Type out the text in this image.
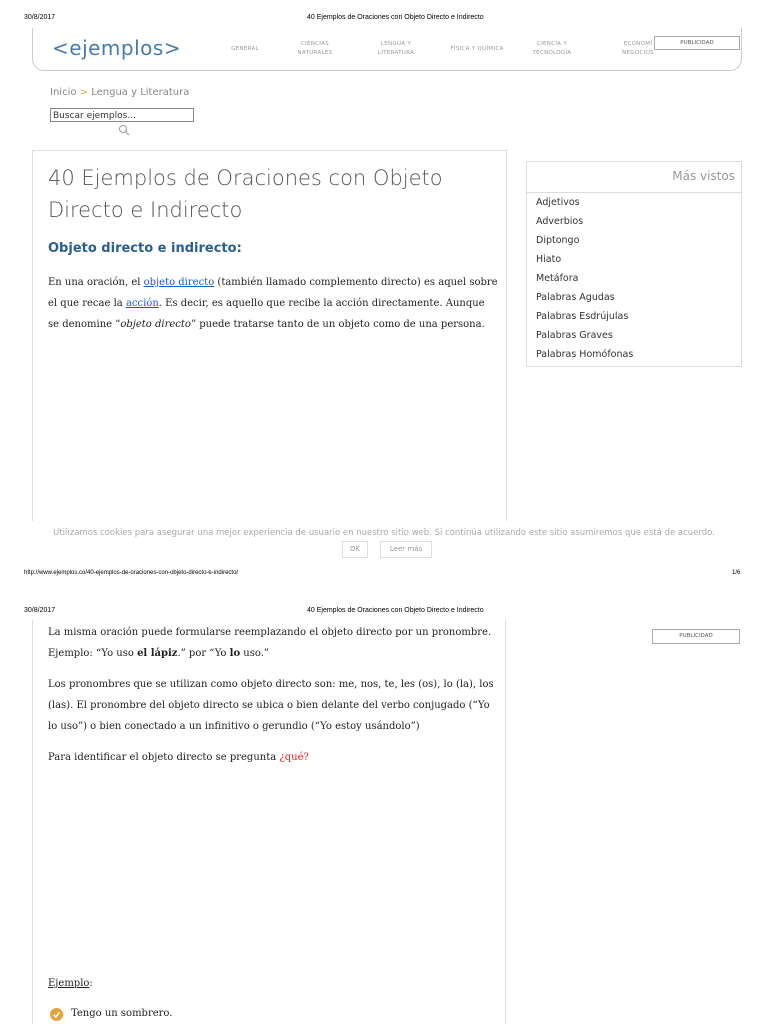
30/8/2017	40 Ejemplos de Oraciones con Objeto Directo e Indirecto
<ejemplos>	GENERAL
CIENCIAS
NATURALES
LENGUA Y
LITERATURA
FÍSICA Y QUÍMICA
CIENCIA Y
TECNOLOGÍA
ECONOMÍ
NEGOCIOS
PUBLICIDAD
Inicio > Lengua y Literatura
Buscar ejemplos...
40 Ejemplos de Oraciones con Objeto Directo e Indirecto
Objeto directo e indirecto:
En una oración, el objeto directo (también llamado complemento directo) es aquel sobre el que recae la acción. Es decir, es aquello que recibe la acción directamente. Aunque se denomine “objeto directo” puede tratarse tanto de un objeto como de una persona.
Más vistos
Adjetivos
Adverbios
Diptongo
Hiato
Metáfora
Palabras Agudas
Palabras Esdrújulas
Palabras Graves
Palabras Homófonas
Utilizamos cookies para asegurar una mejor experiencia de usuario en nuestro sitio web. Si continúa utilizando este sitio asumiremos que está de acuerdo.
OK	Leer más
http://www.ejemplos.co/40-ejemplos-de-oraciones-con-objeto-directo-e-indirecto/	1/6
30/8/2017	40 Ejemplos de Oraciones con Objeto Directo e Indirecto
PUBLICIDAD
La misma oración puede formularse reemplazando el objeto directo por un pronombre. Ejemplo: “Yo uso el lápiz.” por “Yo lo uso.”
Los pronombres que se utilizan como objeto directo son: me, nos, te, les (os), lo (la), los (las). El pronombre del objeto directo se ubica o bien delante del verbo conjugado (“Yo lo uso”) o bien conectado a un infinitivo o gerundio (“Yo estoy usándolo”)
Para identificar el objeto directo se pregunta ¿qué?
Ejemplo:
Tengo un sombrero.
